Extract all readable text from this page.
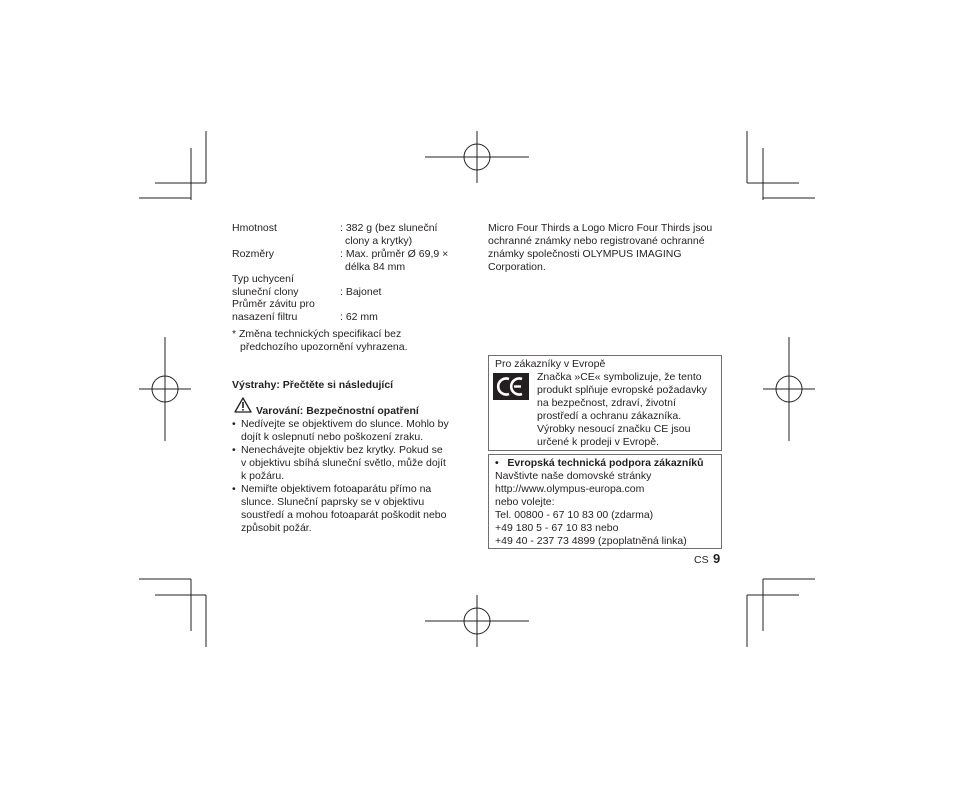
Hmotnost	: 382 g (bez sluneční
clony a krytky)
Rozměry	: Max. průměr Ø 69,9 ×
délka 84 mm
Typ uchycení
sluneční clony	: Bajonet
Průměr závitu pro
nasazení filtru	: 62 mm
* Změna technických specifikací bez
předchozího upozornění vyhrazena.
Výstrahy: Přečtěte si následující
Varování: Bezpečnostní opatření
• Nedívejte se objektivem do slunce. Mohlo by
dojít k oslepnutí nebo poškození zraku.
• Nenechávejte objektiv bez krytky. Pokud se
v objektivu sbíhá sluneční světlo, může dojít
k požáru.
• Nemiřte objektivem fotoaparátu přímo na
slunce. Sluneční paprsky se v objektivu
soustředí a mohou fotoaparát poškodit nebo
způsobit požár.
Micro Four Thirds a Logo Micro Four Thirds jsou
ochranné známky nebo registrované ochranné
známky společnosti OLYMPUS IMAGING
Corporation.
Pro zákazníky v Evropě
Značka »CE« symbolizuje, že tento
produkt splňuje evropské požadavky
na bezpečnost, zdraví, životní
prostředí a ochranu zákazníka.
Výrobky nesoucí značku CE jsou
určené k prodeji v Evropě.
•   Evropská technická podpora zákazníků
Navštivte naše domovské stránky
http://www.olympus-europa.com
nebo volejte:
Tel. 00800 - 67 10 83 00 (zdarma)
+49 180 5 - 67 10 83 nebo
+49 40 - 237 73 4899 (zpoplatněná linka)
CS 9
